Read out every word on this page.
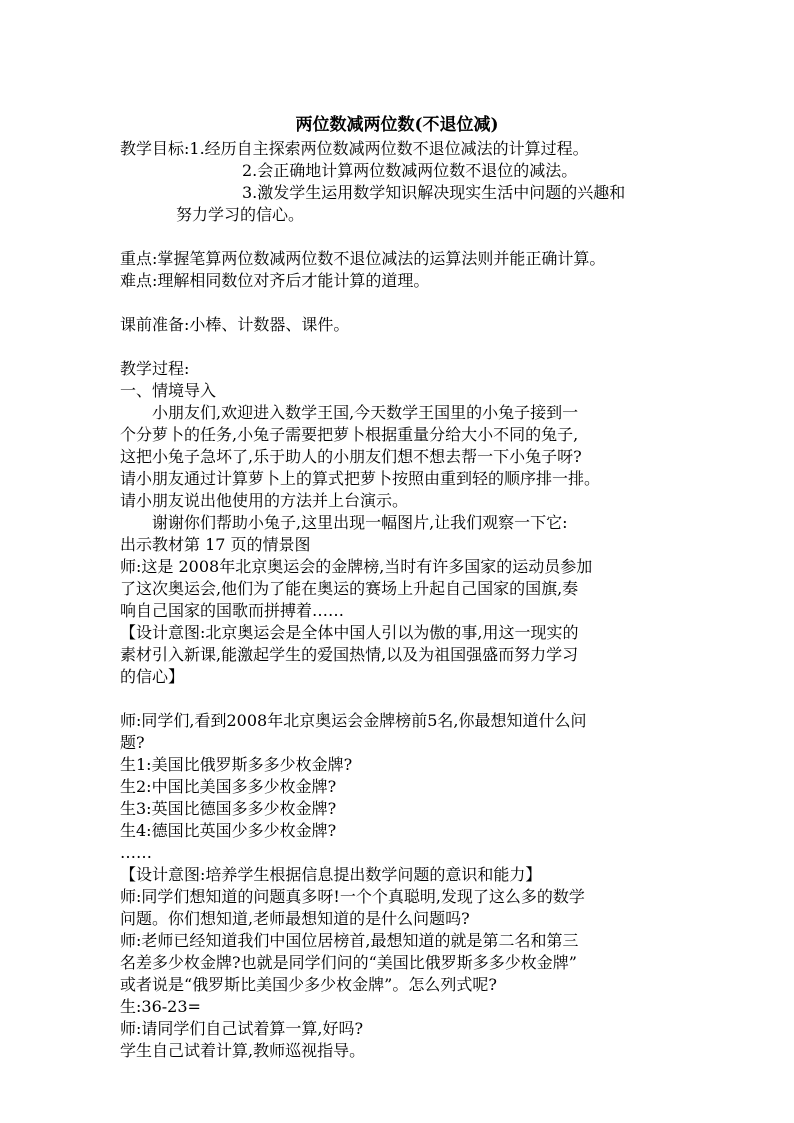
两位数减两位数(不退位减)
教学目标:1.经历自主探索两位数减两位数不退位减法的计算过程。
2.会正确地计算两位数减两位数不退位的减法。
3.激发学生运用数学知识解决现实生活中问题的兴趣和
努力学习的信心。
重点:掌握笔算两位数减两位数不退位减法的运算法则并能正确计算。
难点:理解相同数位对齐后才能计算的道理。
课前准备:小棒、计数器、课件。
教学过程:
一、情境导入
小朋友们,欢迎进入数学王国,今天数学王国里的小兔子接到一
个分萝卜的任务,小兔子需要把萝卜根据重量分给大小不同的兔子,
这把小兔子急坏了,乐于助人的小朋友们想不想去帮一下小兔子呀?
请小朋友通过计算萝卜上的算式把萝卜按照由重到轻的顺序排一排。
请小朋友说出他使用的方法并上台演示。
谢谢你们帮助小兔子,这里出现一幅图片,让我们观察一下它:
出示教材第 17 页的情景图
师:这是 2008年北京奥运会的金牌榜,当时有许多国家的运动员参加
了这次奥运会,他们为了能在奥运的赛场上升起自己国家的国旗,奏
响自己国家的国歌而拼搏着……
【设计意图:北京奥运会是全体中国人引以为傲的事,用这一现实的
素材引入新课,能激起学生的爱国热情,以及为祖国强盛而努力学习
的信心】
师:同学们,看到2008年北京奥运会金牌榜前5名,你最想知道什么问
题?
生1:美国比俄罗斯多多少枚金牌?
生2:中国比美国多多少枚金牌?
生3:英国比德国多多少枚金牌?
生4:德国比英国少多少枚金牌?
……
【设计意图:培养学生根据信息提出数学问题的意识和能力】
师:同学们想知道的问题真多呀!一个个真聪明,发现了这么多的数学
问题。你们想知道,老师最想知道的是什么问题吗?
师:老师已经知道我们中国位居榜首,最想知道的就是第二名和第三
名差多少枚金牌?也就是同学们问的“美国比俄罗斯多多少枚金牌”
或者说是“俄罗斯比美国少多少枚金牌”。怎么列式呢?
生:36-23=
师:请同学们自己试着算一算,好吗?
学生自己试着计算,教师巡视指导。
